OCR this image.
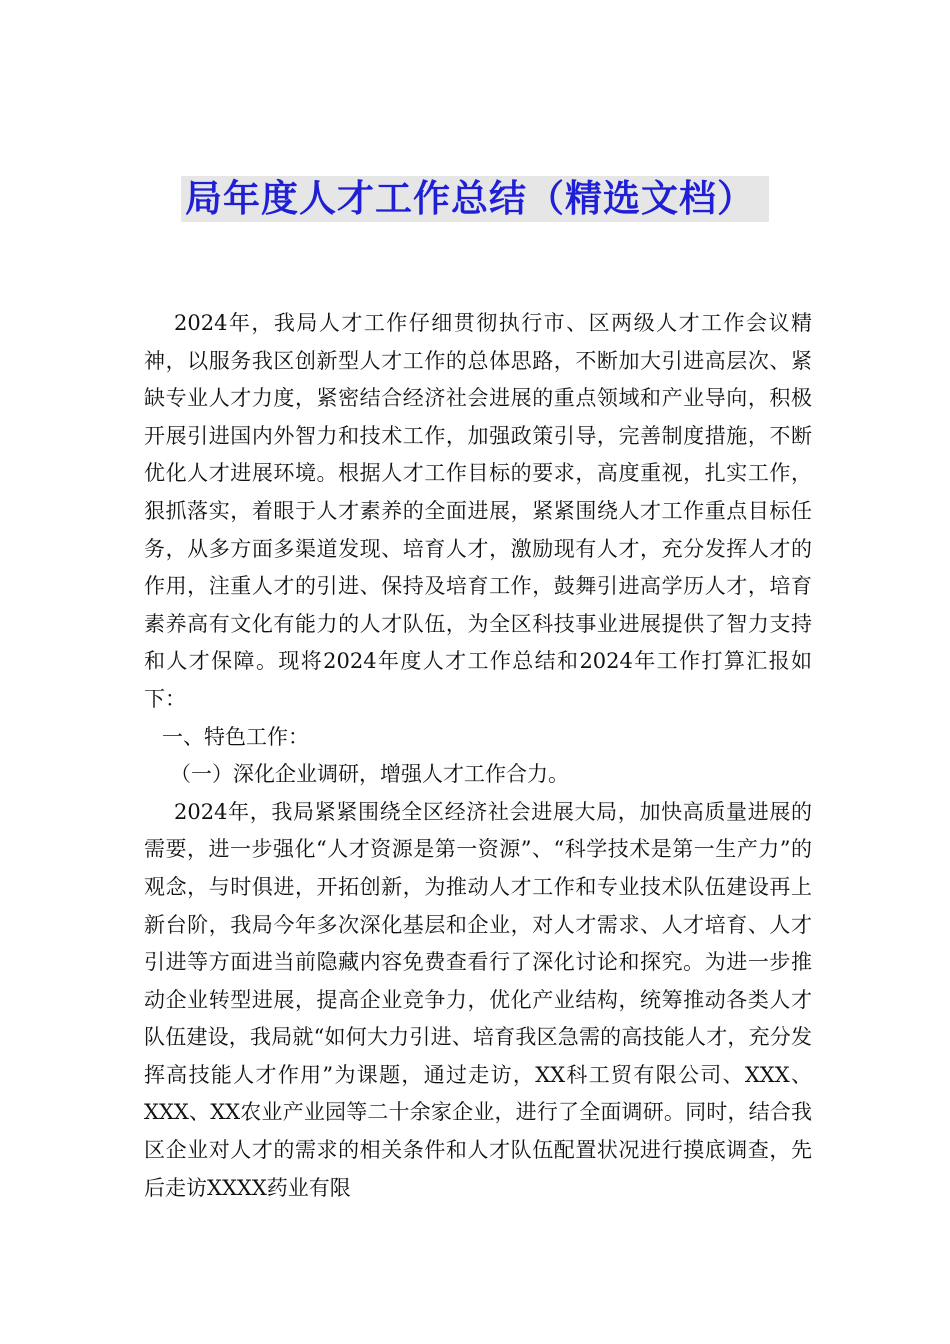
局年度人才工作总结（精选文档）

2024年，我局人才工作仔细贯彻执行市、区两级人才工作会议精神，以服务我区创新型人才工作的总体思路，不断加大引进高层次、紧缺专业人才力度，紧密结合经济社会进展的重点领域和产业导向，积极开展引进国内外智力和技术工作，加强政策引导，完善制度措施，不断优化人才进展环境。根据人才工作目标的要求，高度重视，扎实工作，狠抓落实，着眼于人才素养的全面进展，紧紧围绕人才工作重点目标任务，从多方面多渠道发现、培育人才，激励现有人才，充分发挥人才的作用，注重人才的引进、保持及培育工作，鼓舞引进高学历人才，培育素养高有文化有能力的人才队伍，为全区科技事业进展提供了智力支持和人才保障。现将2024年度人才工作总结和2024年工作打算汇报如下：

一、特色工作：

（一）深化企业调研，增强人才工作合力。

2024年，我局紧紧围绕全区经济社会进展大局，加快高质量进展的需要，进一步强化“人才资源是第一资源”、“科学技术是第一生产力”的观念，与时俱进，开拓创新，为推动人才工作和专业技术队伍建设再上新台阶，我局今年多次深化基层和企业，对人才需求、人才培育、人才引进等方面进当前隐藏内容免费查看行了深化讨论和探究。为进一步推动企业转型进展，提高企业竞争力，优化产业结构，统筹推动各类人才队伍建设，我局就“如何大力引进、培育我区急需的高技能人才，充分发挥高技能人才作用”为课题，通过走访，XX科工贸有限公司、XXX、XXX、XX农业产业园等二十余家企业，进行了全面调研。同时，结合我区企业对人才的需求的相关条件和人才队伍配置状况进行摸底调查，先后走访XXXX药业有限
